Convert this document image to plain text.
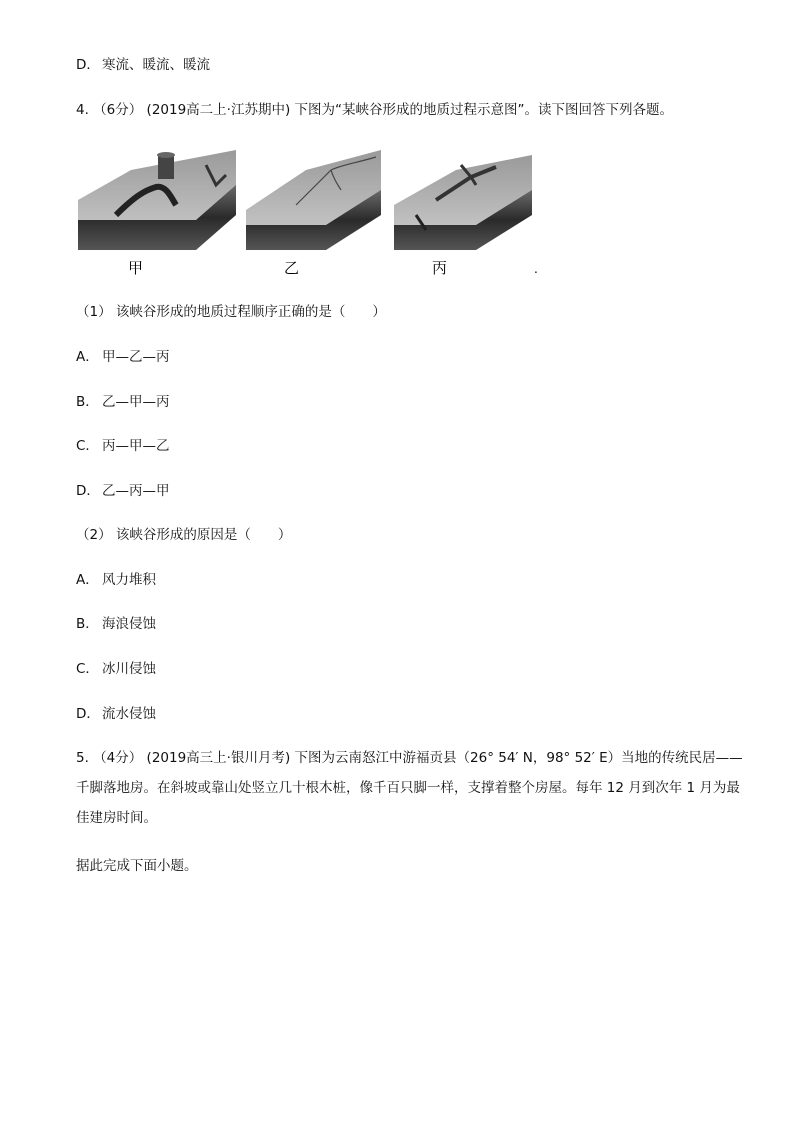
D． 寒流、暖流、暖流
4. （6分） (2019高二上·江苏期中) 下图为“某峡谷形成的地质过程示意图”。读下图回答下列各题。
甲	乙	丙	.
（1） 该峡谷形成的地质过程顺序正确的是（　　）
A． 甲—乙—丙
B． 乙—甲—丙
C． 丙—甲—乙
D． 乙—丙—甲
（2） 该峡谷形成的原因是（　　）
A． 风力堆积
B． 海浪侵蚀
C． 冰川侵蚀
D． 流水侵蚀
5. （4分） (2019高三上·银川月考) 下图为云南怒江中游福贡县（26° 54′ N，98° 52′ E）当地的传统民居——千脚落地房。在斜坡或靠山处竖立几十根木桩，像千百只脚一样，支撑着整个房屋。每年 12 月到次年 1 月为最佳建房时间。
据此完成下面小题。
